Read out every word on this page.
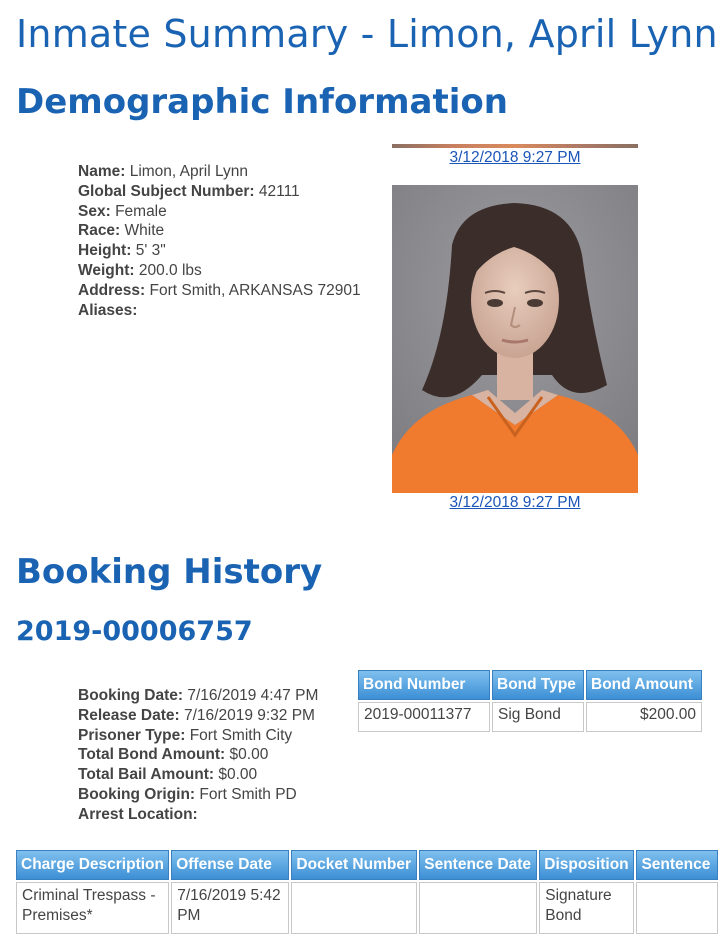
Inmate Summary - Limon, April Lynn
Demographic Information
Name: Limon, April Lynn
Global Subject Number: 42111
Sex: Female
Race: White
Height: 5' 3"
Weight: 200.0 lbs
Address: Fort Smith, ARKANSAS 72901
Aliases:
3/12/2018 9:27 PM
3/12/2018 9:27 PM
Booking History
2019-00006757
Booking Date: 7/16/2019 4:47 PM
Release Date: 7/16/2019 9:32 PM
Prisoner Type: Fort Smith City
Total Bond Amount: $0.00
Total Bail Amount: $0.00
Booking Origin: Fort Smith PD
Arrest Location:
Bond Number	Bond Type	Bond Amount
2019-00011377	Sig Bond	$200.00
Charge Description	Offense Date	Docket Number	Sentence Date	Disposition	Sentence
Criminal Trespass - Premises*	7/16/2019 5:42 PM			Signature Bond	
